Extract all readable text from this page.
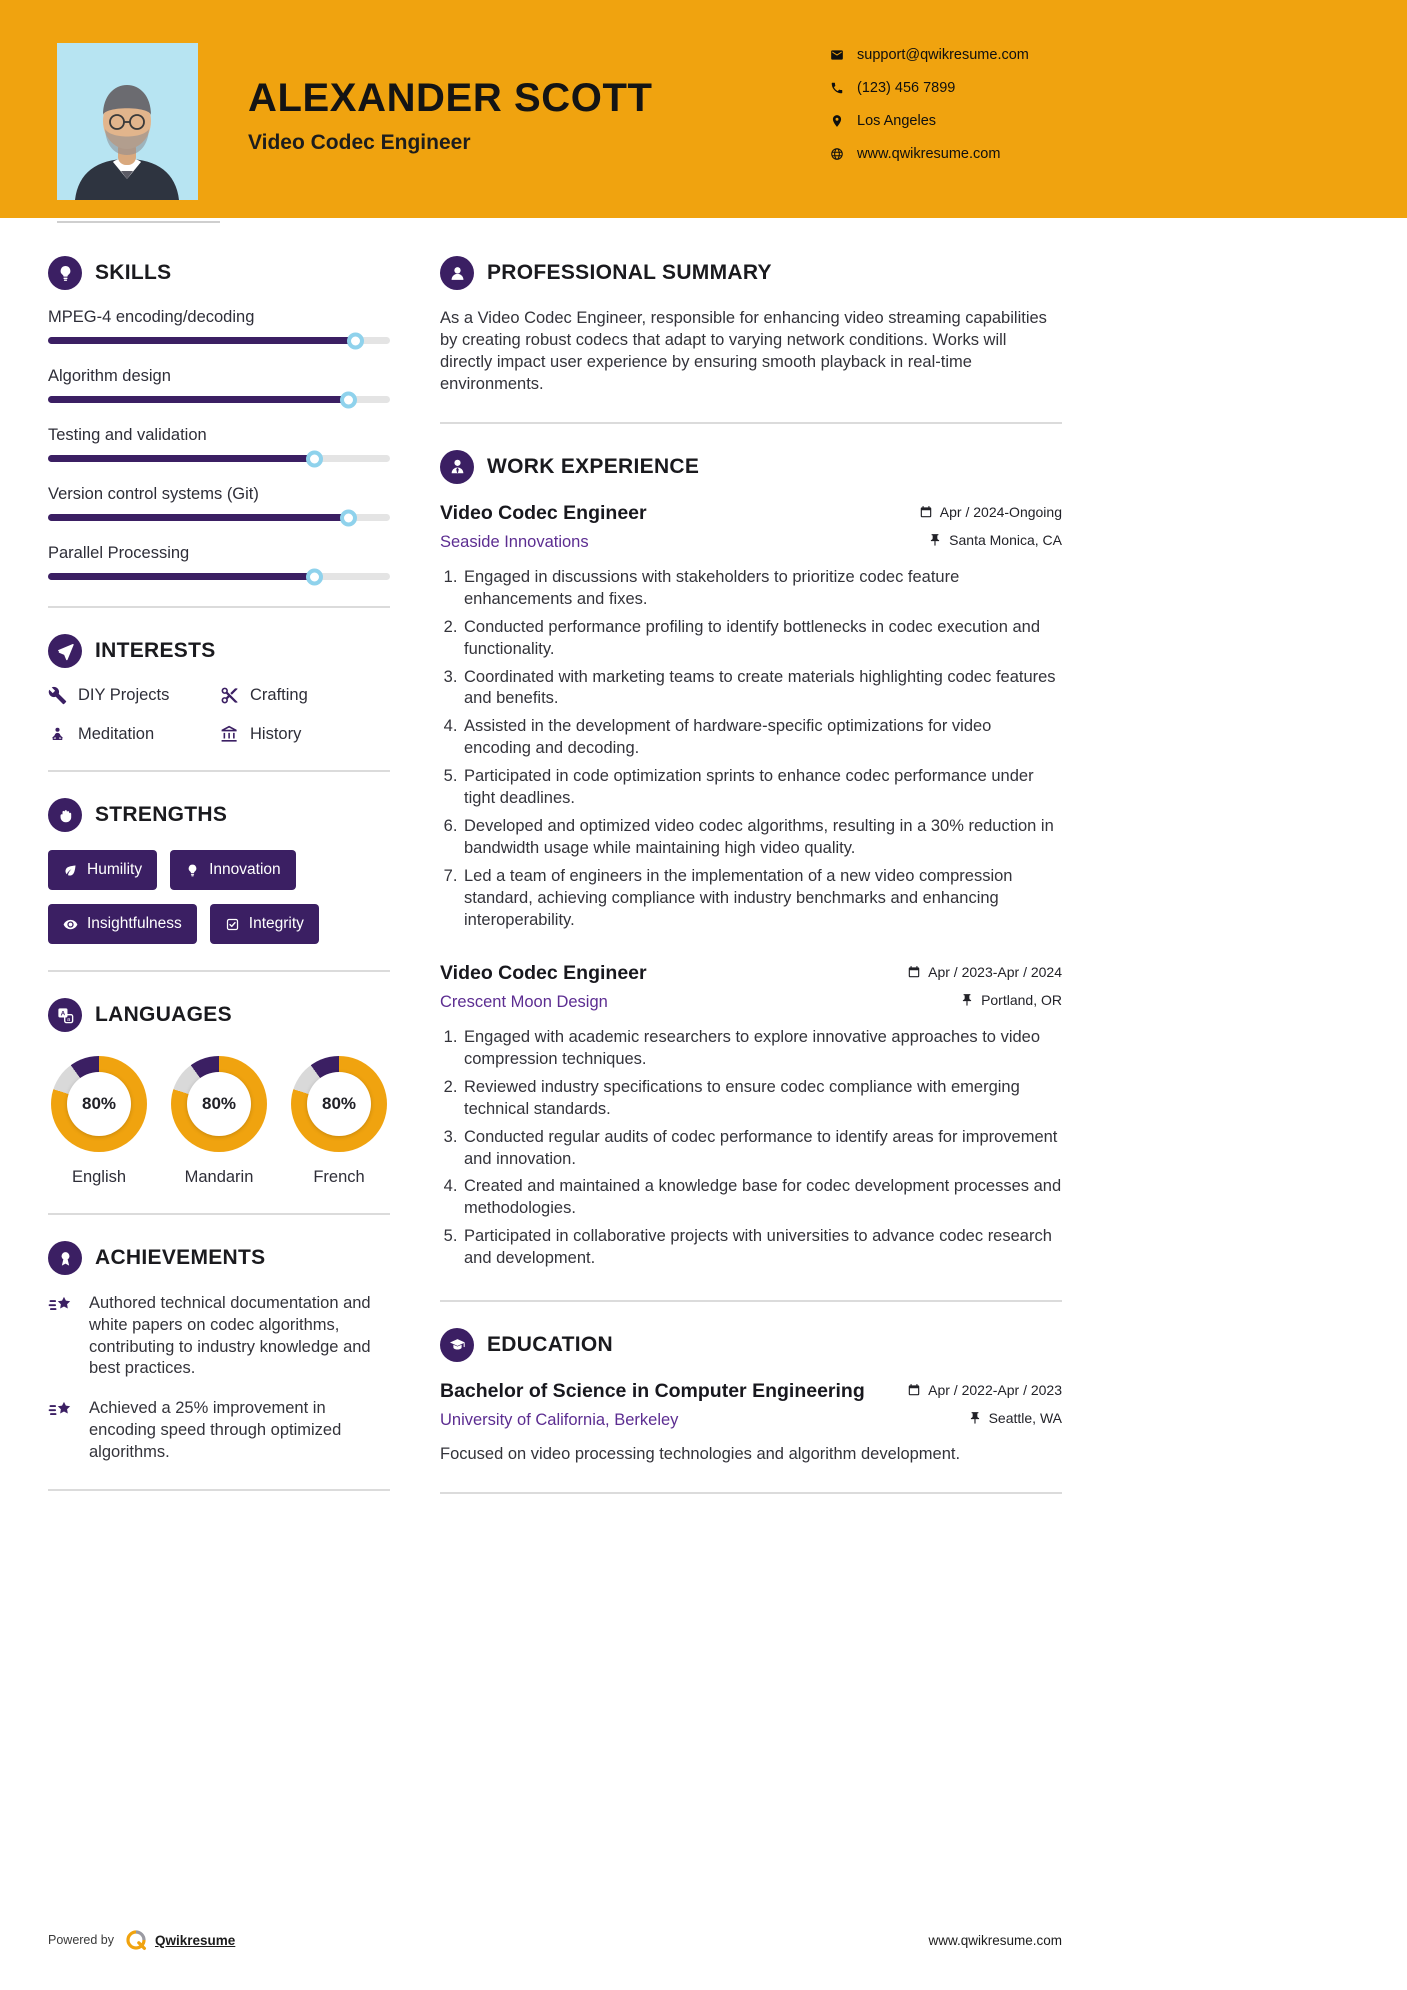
ALEXANDER SCOTT
Video Codec Engineer
support@qwikresume.com
(123) 456 7899
Los Angeles
www.qwikresume.com
SKILLS
MPEG-4 encoding/decoding
Algorithm design
Testing and validation
Version control systems (Git)
Parallel Processing
INTERESTS
DIY Projects	Crafting
Meditation	History
STRENGTHS
Humility	Innovation
Insightfulness	Integrity
A
a LANGUAGES
80%
English
80%
Mandarin
80%
French
ACHIEVEMENTS
Authored technical documentation and white papers on codec algorithms, contributing to industry knowledge and best practices.
Achieved a 25% improvement in encoding speed through optimized algorithms.
PROFESSIONAL SUMMARY

As a Video Codec Engineer, responsible for enhancing video streaming capabilities by creating robust codecs that adapt to varying network conditions. Works will directly impact user experience by ensuring smooth playback in real-time environments.

WORK EXPERIENCE
Video Codec Engineer	Apr / 2024-Ongoing
Seaside Innovations	Santa Monica, CA
1. Engaged in discussions with stakeholders to prioritize codec feature enhancements and fixes.
2. Conducted performance profiling to identify bottlenecks in codec execution and functionality.
3. Coordinated with marketing teams to create materials highlighting codec features and benefits.
4. Assisted in the development of hardware-specific optimizations for video encoding and decoding.
5. Participated in code optimization sprints to enhance codec performance under tight deadlines.
6. Developed and optimized video codec algorithms, resulting in a 30% reduction in bandwidth usage while maintaining high video quality.
7. Led a team of engineers in the implementation of a new video compression standard, achieving compliance with industry benchmarks and enhancing interoperability.
Video Codec Engineer	Apr / 2023-Apr / 2024
Crescent Moon Design	Portland, OR
1. Engaged with academic researchers to explore innovative approaches to video compression techniques.
2. Reviewed industry specifications to ensure codec compliance with emerging technical standards.
3. Conducted regular audits of codec performance to identify areas for improvement and innovation.
4. Created and maintained a knowledge base for codec development processes and methodologies.
5. Participated in collaborative projects with universities to advance codec research and development.
EDUCATION
Bachelor of Science in Computer Engineering	Apr / 2022-Apr / 2023
University of California, Berkeley	Seattle, WA

Focused on video processing technologies and algorithm development.

Powered by	Qwikresume	www.qwikresume.com
